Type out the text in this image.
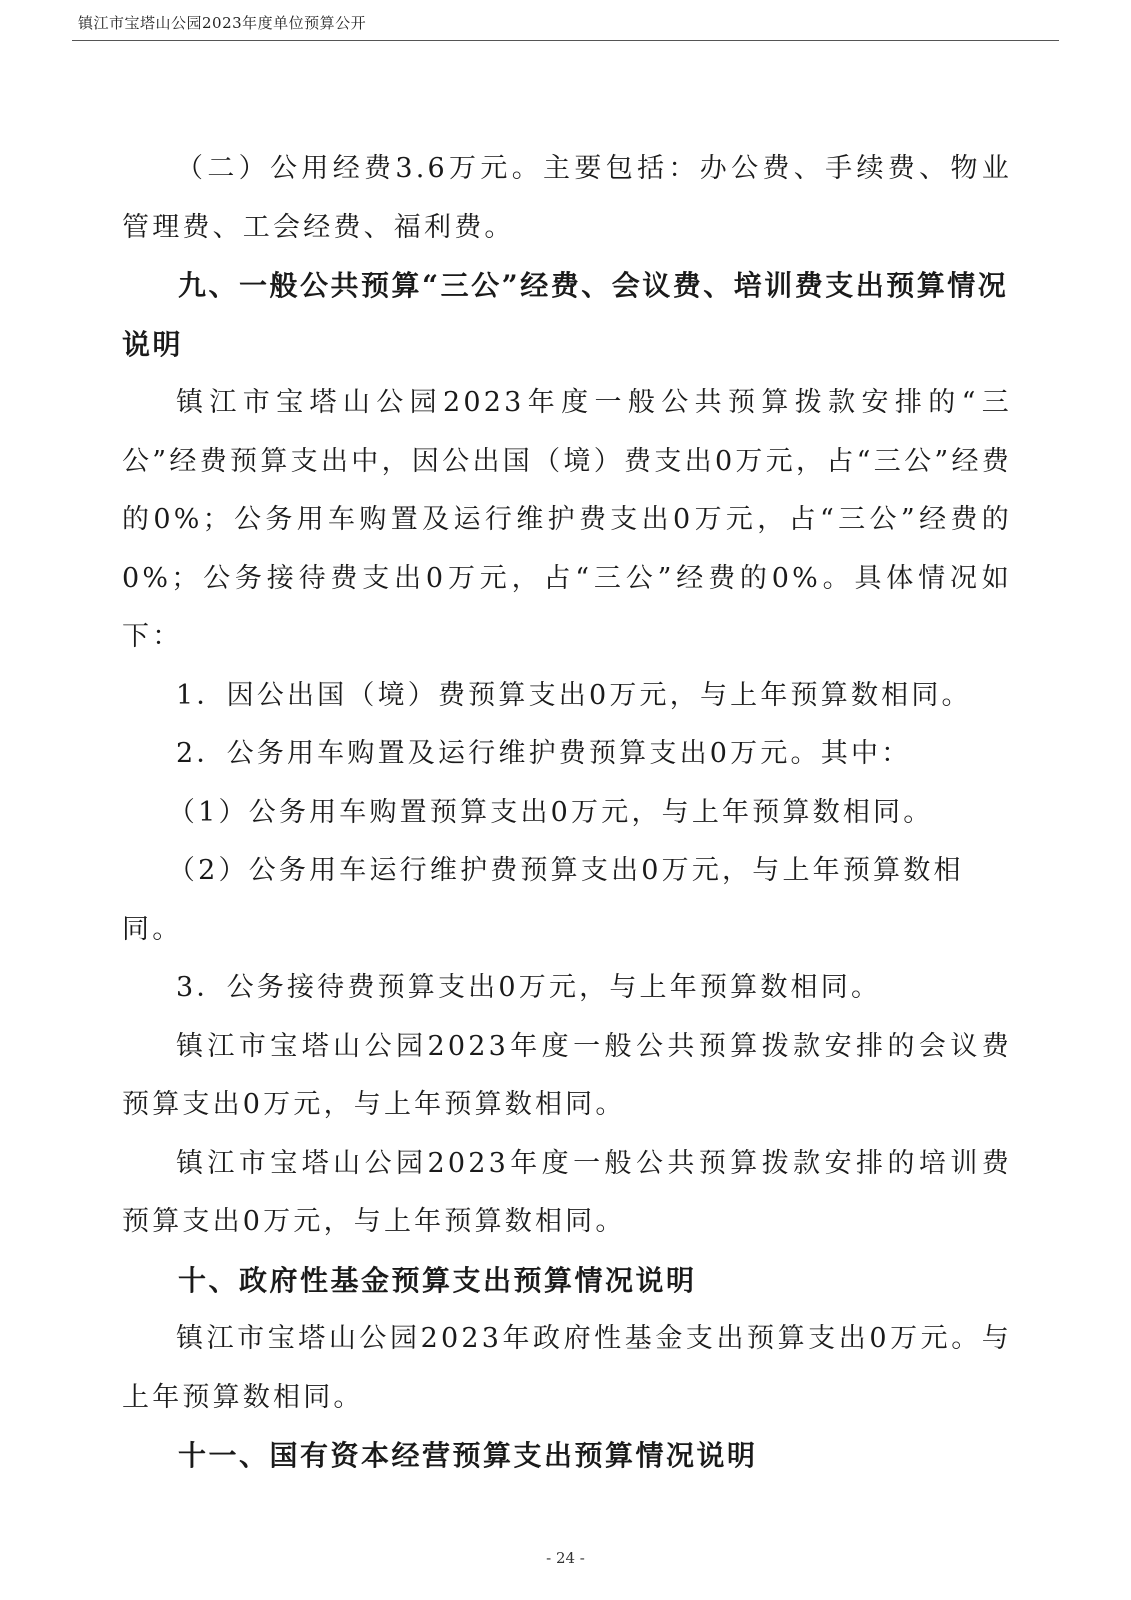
镇江市宝塔山公园2023年度单位预算公开

（二）公用经费3.6万元。主要包括：办公费、手续费、物业管理费、工会经费、福利费。

九、一般公共预算“三公”经费、会议费、培训费支出预算情况说明

镇江市宝塔山公园2023年度一般公共预算拨款安排的“三公”经费预算支出中，因公出国（境）费支出0万元，占“三公”经费的0%；公务用车购置及运行维护费支出0万元，占“三公”经费的0%；公务接待费支出0万元，占“三公”经费的0%。具体情况如下：

1．因公出国（境）费预算支出0万元，与上年预算数相同。

2．公务用车购置及运行维护费预算支出0万元。其中：

（1）公务用车购置预算支出0万元，与上年预算数相同。

（2）公务用车运行维护费预算支出0万元，与上年预算数相同。

3．公务接待费预算支出0万元，与上年预算数相同。

镇江市宝塔山公园2023年度一般公共预算拨款安排的会议费预算支出0万元，与上年预算数相同。

镇江市宝塔山公园2023年度一般公共预算拨款安排的培训费预算支出0万元，与上年预算数相同。

十、政府性基金预算支出预算情况说明

镇江市宝塔山公园2023年政府性基金支出预算支出0万元。与上年预算数相同。

十一、国有资本经营预算支出预算情况说明

- 24 -
